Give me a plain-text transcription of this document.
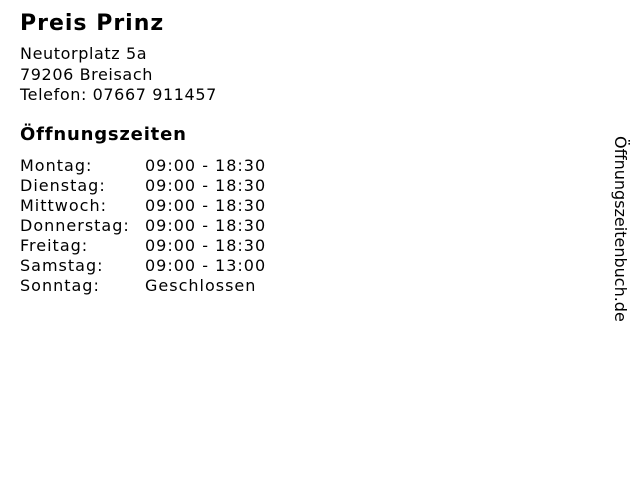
Preis Prinz
Neutorplatz 5a
79206 Breisach
Telefon: 07667 911457
Öffnungszeiten
Montag:	09:00 - 18:30
Dienstag:	09:00 - 18:30
Mittwoch:	09:00 - 18:30
Donnerstag: 09:00 - 18:30
Freitag:	09:00 - 18:30
Samstag:	09:00 - 13:00
Sonntag:	Geschlossen	Öffnungszeitenbuch.de
